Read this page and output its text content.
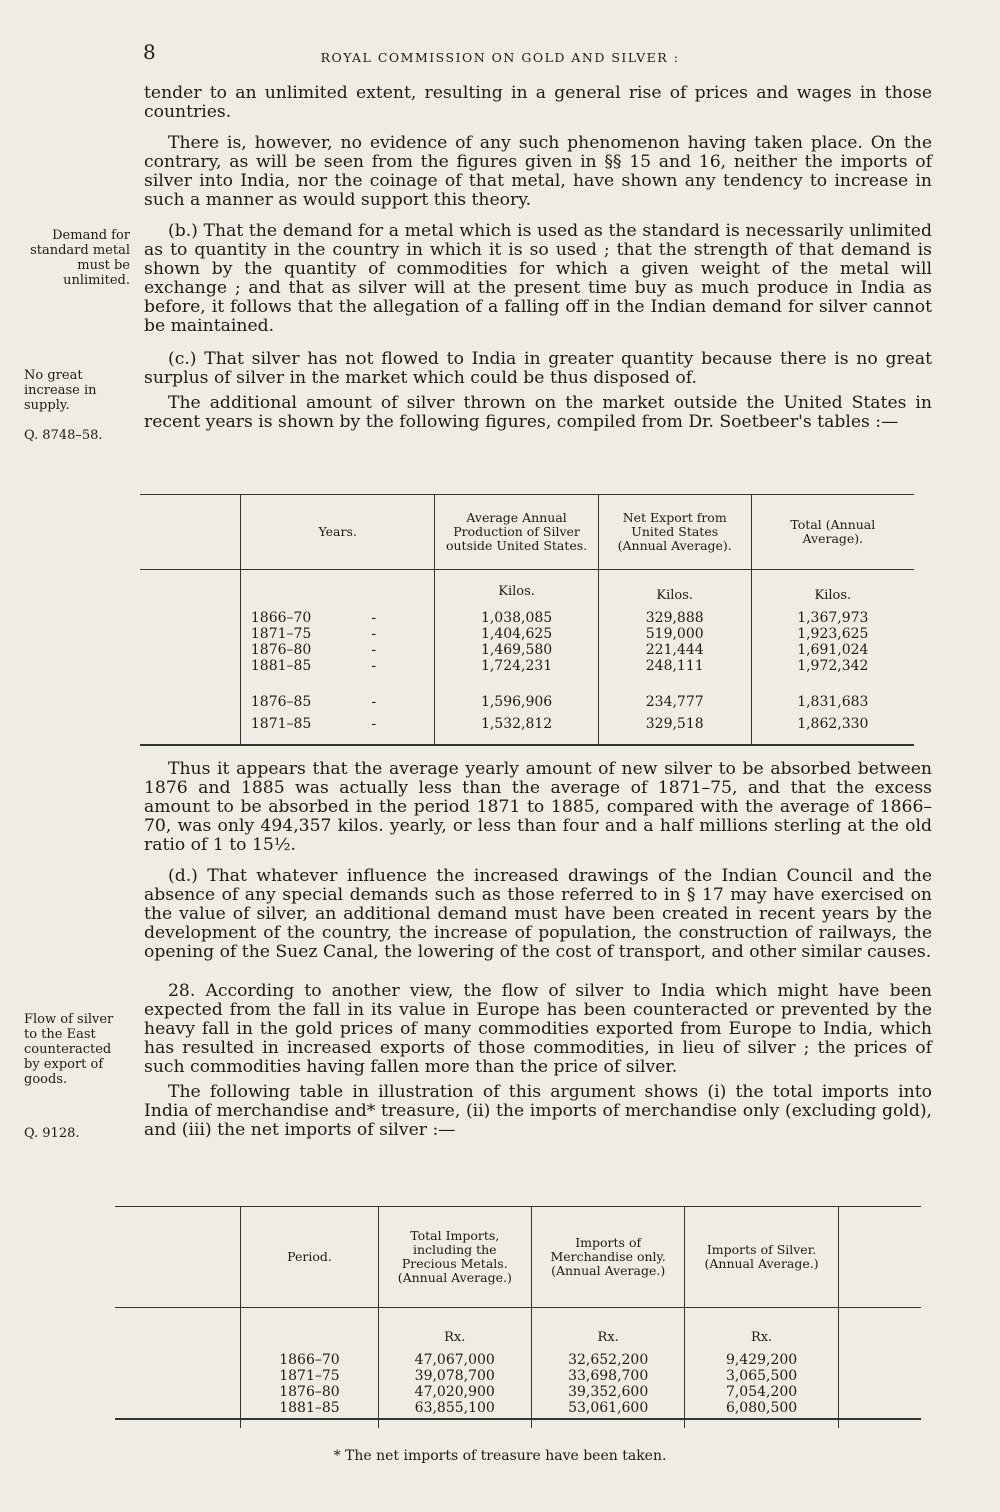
8	ROYAL COMMISSION ON GOLD AND SILVER :

tender to an unlimited extent, resulting in a general rise of prices and wages in those countries.

There is, however, no evidence of any such phenomenon having taken place. On the contrary, as will be seen from the figures given in §§ 15 and 16, neither the imports of silver into India, nor the coinage of that metal, have shown any tendency to increase in such a manner as would support this theory.

(b.) That the demand for a metal which is used as the standard is necessarily unlimited as to quantity in the country in which it is so used ; that the strength of that demand is shown by the quantity of commodities for which a given weight of the metal will exchange ; and that as silver will at the present time buy as much produce in India as before, it follows that the allegation of a falling off in the Indian demand for silver cannot be maintained.

(c.) That silver has not flowed to India in greater quantity because there is no great surplus of silver in the market which could be thus disposed of.

The additional amount of silver thrown on the market outside the United States in recent years is shown by the following figures, compiled from Dr. Soetbeer's tables :—

Demand for standard metal must be unlimited.
No great increase in supply.
Q. 8748–58.
Flow of silver to the East counteracted by export of goods.
Q. 9128.
	Years.	Average Annual Production of Silver outside United States.	Net Export from United States (Annual Average).	Total (Annual Average).
		Kilos.	Kilos.	Kilos.
	1866–70 -	1,038,085	329,888	1,367,973
	1871–75 -	1,404,625	519,000	1,923,625
	1876–80 -	1,469,580	221,444	1,691,024
	1881–85 -	1,724,231	248,111	1,972,342
	1876–85 -	1,596,906	234,777	1,831,683
	1871–85 -	1,532,812	329,518	1,862,330

Thus it appears that the average yearly amount of new silver to be absorbed between 1876 and 1885 was actually less than the average of 1871–75, and that the excess amount to be absorbed in the period 1871 to 1885, compared with the average of 1866–70, was only 494,357 kilos. yearly, or less than four and a half millions sterling at the old ratio of 1 to 15½.

(d.) That whatever influence the increased drawings of the Indian Council and the absence of any special demands such as those referred to in § 17 may have exercised on the value of silver, an additional demand must have been created in recent years by the development of the country, the increase of population, the construction of railways, the opening of the Suez Canal, the lowering of the cost of transport, and other similar causes.

28. According to another view, the flow of silver to India which might have been expected from the fall in its value in Europe has been counteracted or prevented by the heavy fall in the gold prices of many commodities exported from Europe to India, which has resulted in increased exports of those commodities, in lieu of silver ; the prices of such commodities having fallen more than the price of silver.

The following table in illustration of this argument shows (i) the total imports into India of merchandise and* treasure, (ii) the imports of merchandise only (excluding gold), and (iii) the net imports of silver :—

	Period.	Total Imports, including the Precious Metals. (Annual Average.)	Imports of Merchandise only. (Annual Average.)	Imports of Silver. (Annual Average.)	
		Rx.	Rx.	Rx.	
	1866–70	47,067,000	32,652,200	9,429,200	
	1871–75	39,078,700	33,698,700	3,065,500	
	1876–80	47,020,900	39,352,600	7,054,200	
	1881–85	63,855,100	53,061,600	6,080,500	

* The net imports of treasure have been taken.
